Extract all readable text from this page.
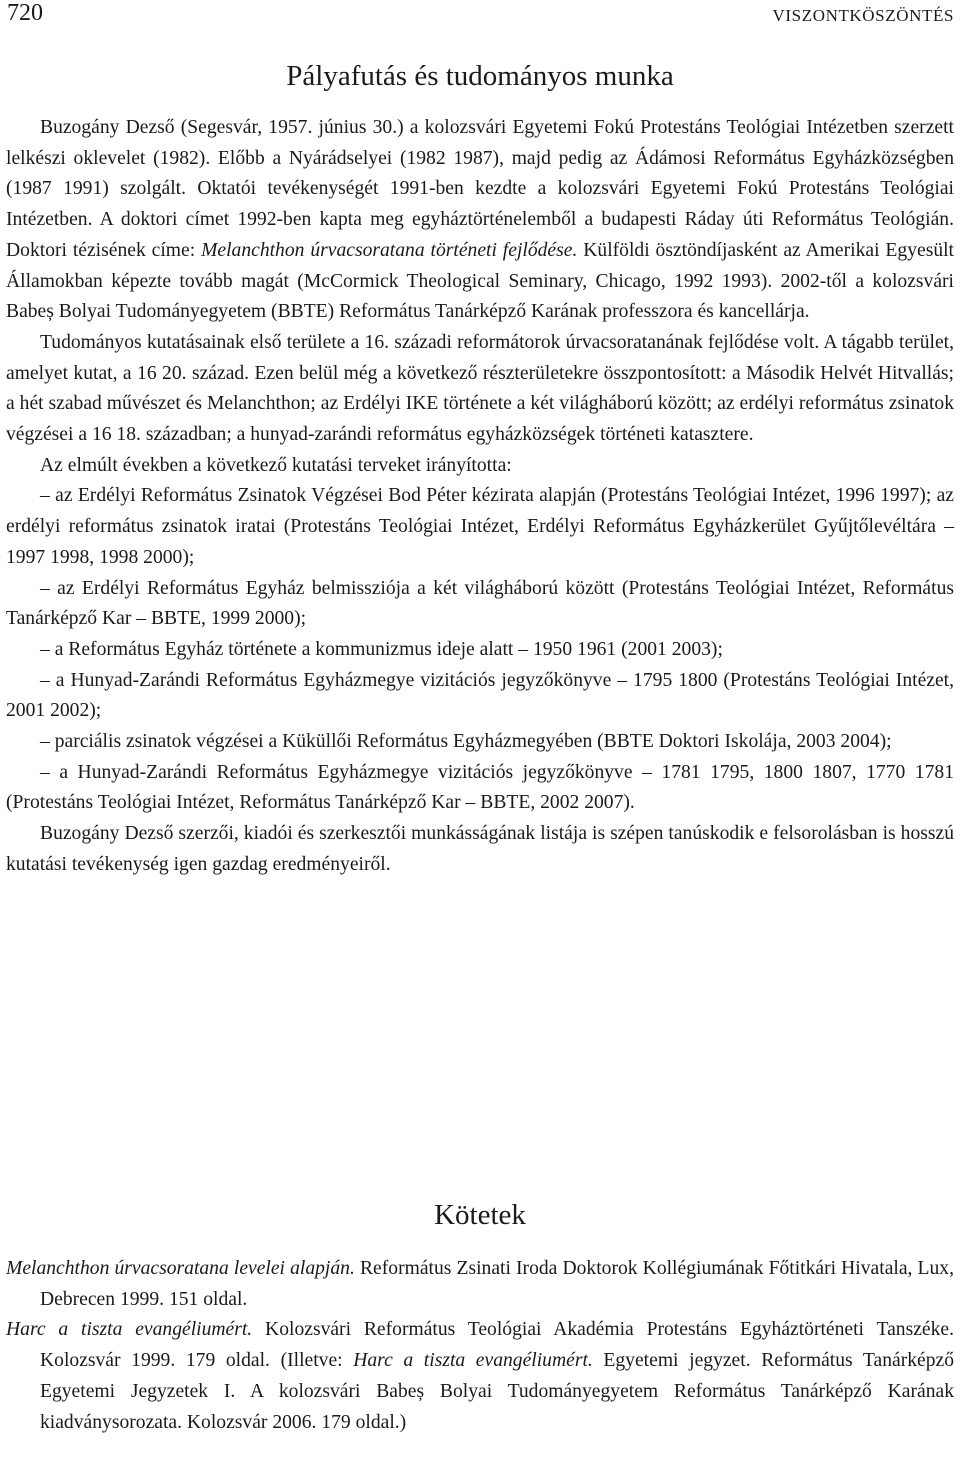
720	VISZONTKÖSZÖNTÉS
Pályafutás és tudományos munka

Buzogány Dezső (Segesvár, 1957. június 30.) a kolozsvári Egyetemi Fokú Protestáns Teológiai Intézetben szerzett lelkészi oklevelet (1982). Előbb a Nyárádselyei (1982 1987), majd pedig az Ádámosi Református Egyházközségben (1987 1991) szolgált. Oktatói tevékenységét 1991-ben kezdte a kolozsvári Egyetemi Fokú Protestáns Teológiai Intézetben. A doktori címet 1992-ben kapta meg egyháztörténelemből a budapesti Ráday úti Református Teológián. Doktori tézisének címe: Melanchthon úrvacsoratana történeti fejlődése. Külföldi ösztöndíjasként az Amerikai Egyesült Államokban képezte tovább magát (McCormick Theological Seminary, Chicago, 1992 1993). 2002-től a kolozsvári Babeș Bolyai Tudományegyetem (BBTE) Református Tanárképző Karának professzora és kancellárja.

Tudományos kutatásainak első területe a 16. századi reformátorok úrvacsoratanának fejlődése volt. A tágabb terület, amelyet kutat, a 16 20. század. Ezen belül még a következő részterületekre összpontosított: a Második Helvét Hitvallás; a hét szabad művészet és Melanchthon; az Erdélyi IKE története a két világháború között; az erdélyi református zsinatok végzései a 16 18. században; a hunyad-zarándi református egyházközségek történeti katasztere.

Az elmúlt években a következő kutatási terveket irányította:

– az Erdélyi Református Zsinatok Végzései Bod Péter kézirata alapján (Protestáns Teológiai Intézet, 1996 1997); az erdélyi református zsinatok iratai (Protestáns Teológiai Intézet, Erdélyi Református Egyházkerület Gyűjtőlevéltára – 1997 1998, 1998 2000);

– az Erdélyi Református Egyház belmissziója a két világháború között (Protestáns Teológiai Intézet, Református Tanárképző Kar – BBTE, 1999 2000);

– a Református Egyház története a kommunizmus ideje alatt – 1950 1961 (2001 2003);

– a Hunyad-Zarándi Református Egyházmegye vizitációs jegyzőkönyve – 1795 1800 (Protestáns Teológiai Intézet, 2001 2002);

– parciális zsinatok végzései a Küküllői Református Egyházmegyében (BBTE Doktori Iskolája, 2003 2004);

– a Hunyad-Zarándi Református Egyházmegye vizitációs jegyzőkönyve – 1781 1795, 1800 1807, 1770 1781 (Protestáns Teológiai Intézet, Református Tanárképző Kar – BBTE, 2002 2007).

Buzogány Dezső szerzői, kiadói és szerkesztői munkásságának listája is szépen tanúskodik e felsorolásban is hosszú kutatási tevékenység igen gazdag eredményeiről.

Kötetek

Melanchthon úrvacsoratana levelei alapján. Református Zsinati Iroda Doktorok Kollégiumának Főtitkári Hivatala, Lux, Debrecen 1999. 151 oldal.

Harc a tiszta evangéliumért. Kolozsvári Református Teológiai Akadémia Protestáns Egyháztörténeti Tanszéke. Kolozsvár 1999. 179 oldal. (Illetve: Harc a tiszta evangéliumért. Egyetemi jegyzet. Református Tanárképző Egyetemi Jegyzetek I. A kolozsvári Babeș Bolyai Tudományegyetem Református Tanárképző Karának kiadványsorozata. Kolozsvár 2006. 179 oldal.)
